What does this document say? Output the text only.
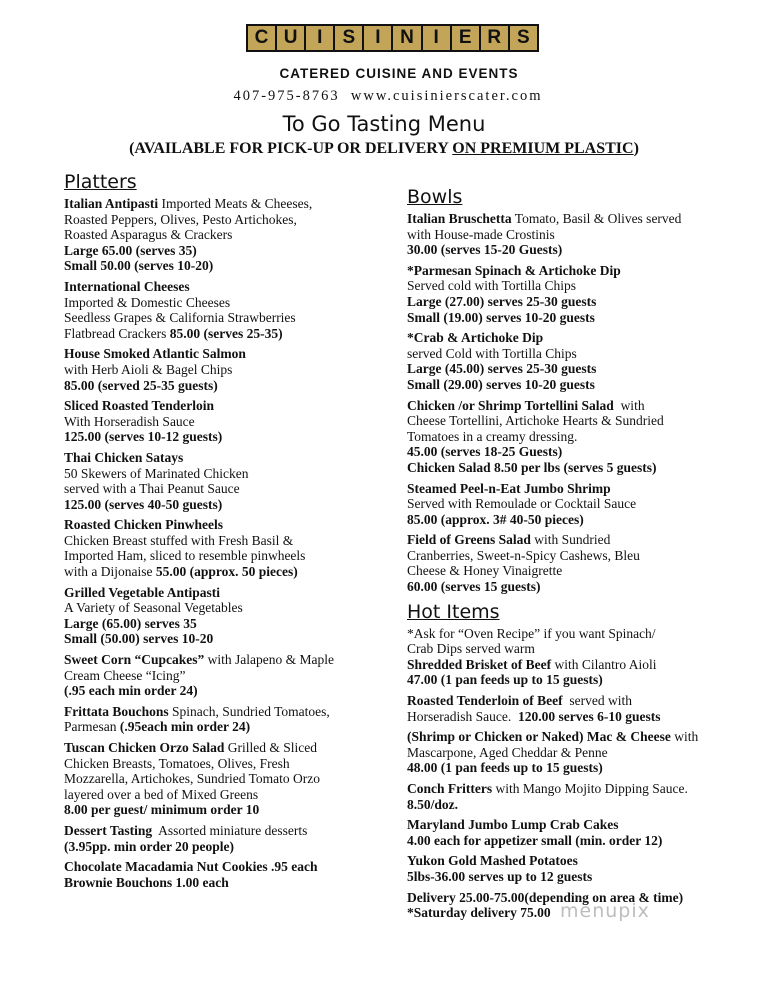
C U	I	S	I	N	I	E R S
CATERED CUISINE AND EVENTS
407-975-8763 www.cuisinierscater.com
To Go Tasting Menu
(AVAILABLE FOR PICK-UP OR DELIVERY ON PREMIUM PLASTIC)
Platters
Italian Antipasti Imported Meats & Cheeses,
Roasted Peppers, Olives, Pesto Artichokes,
Roasted Asparagus & Crackers
Large 65.00 (serves 35)
Small 50.00 (serves 10-20)
International Cheeses
Imported & Domestic Cheeses
Seedless Grapes & California Strawberries
Flatbread Crackers 85.00 (serves 25-35)
House Smoked Atlantic Salmon
with Herb Aioli & Bagel Chips
85.00 (served 25-35 guests)
Sliced Roasted Tenderloin
With Horseradish Sauce
125.00 (serves 10-12 guests)
Thai Chicken Satays
50 Skewers of Marinated Chicken
served with a Thai Peanut Sauce
125.00 (serves 40-50 guests)
Roasted Chicken Pinwheels
Chicken Breast stuffed with Fresh Basil &
Imported Ham, sliced to resemble pinwheels
with a Dijonaise 55.00 (approx. 50 pieces)
Grilled Vegetable Antipasti
A Variety of Seasonal Vegetables
Large (65.00) serves 35
Small (50.00) serves 10-20
Sweet Corn “Cupcakes” with Jalapeno & Maple
Cream Cheese “Icing”
(.95 each min order 24)
Frittata Bouchons Spinach, Sundried Tomatoes,
Parmesan (.95each min order 24)
Tuscan Chicken Orzo Salad Grilled & Sliced
Chicken Breasts, Tomatoes, Olives, Fresh
Mozzarella, Artichokes, Sundried Tomato Orzo
layered over a bed of Mixed Greens
8.00 per guest/ minimum order 10
Dessert Tasting Assorted miniature desserts
(3.95pp. min order 20 people)
Chocolate Macadamia Nut Cookies .95 each
Brownie Bouchons 1.00 each
Bowls
Italian Bruschetta Tomato, Basil & Olives served
with House-made Crostinis
30.00 (serves 15-20 Guests)
*Parmesan Spinach & Artichoke Dip
Served cold with Tortilla Chips
Large (27.00) serves 25-30 guests
Small (19.00) serves 10-20 guests
*Crab & Artichoke Dip
served Cold with Tortilla Chips
Large (45.00) serves 25-30 guests
Small (29.00) serves 10-20 guests
Chicken /or Shrimp Tortellini Salad with
Cheese Tortellini, Artichoke Hearts & Sundried
Tomatoes in a creamy dressing.
45.00 (serves 18-25 Guests)
Chicken Salad 8.50 per lbs (serves 5 guests)
Steamed Peel-n-Eat Jumbo Shrimp
Served with Remoulade or Cocktail Sauce
85.00 (approx. 3# 40-50 pieces)
Field of Greens Salad with Sundried
Cranberries, Sweet-n-Spicy Cashews, Bleu
Cheese & Honey Vinaigrette
60.00 (serves 15 guests)
Hot Items
*Ask for “Oven Recipe” if you want Spinach/
Crab Dips served warm
Shredded Brisket of Beef with Cilantro Aioli
47.00 (1 pan feeds up to 15 guests)
Roasted Tenderloin of Beef served with
Horseradish Sauce. 120.00 serves 6-10 guests
(Shrimp or Chicken or Naked) Mac & Cheese with
Mascarpone, Aged Cheddar & Penne
48.00 (1 pan feeds up to 15 guests)
Conch Fritters with Mango Mojito Dipping Sauce.
8.50/doz.
Maryland Jumbo Lump Crab Cakes
4.00 each for appetizer small (min. order 12)
Yukon Gold Mashed Potatoes
5lbs-36.00 serves up to 12 guests
Delivery 25.00-75.00(depending on area & time)
*Saturday delivery 75.00 menupix
